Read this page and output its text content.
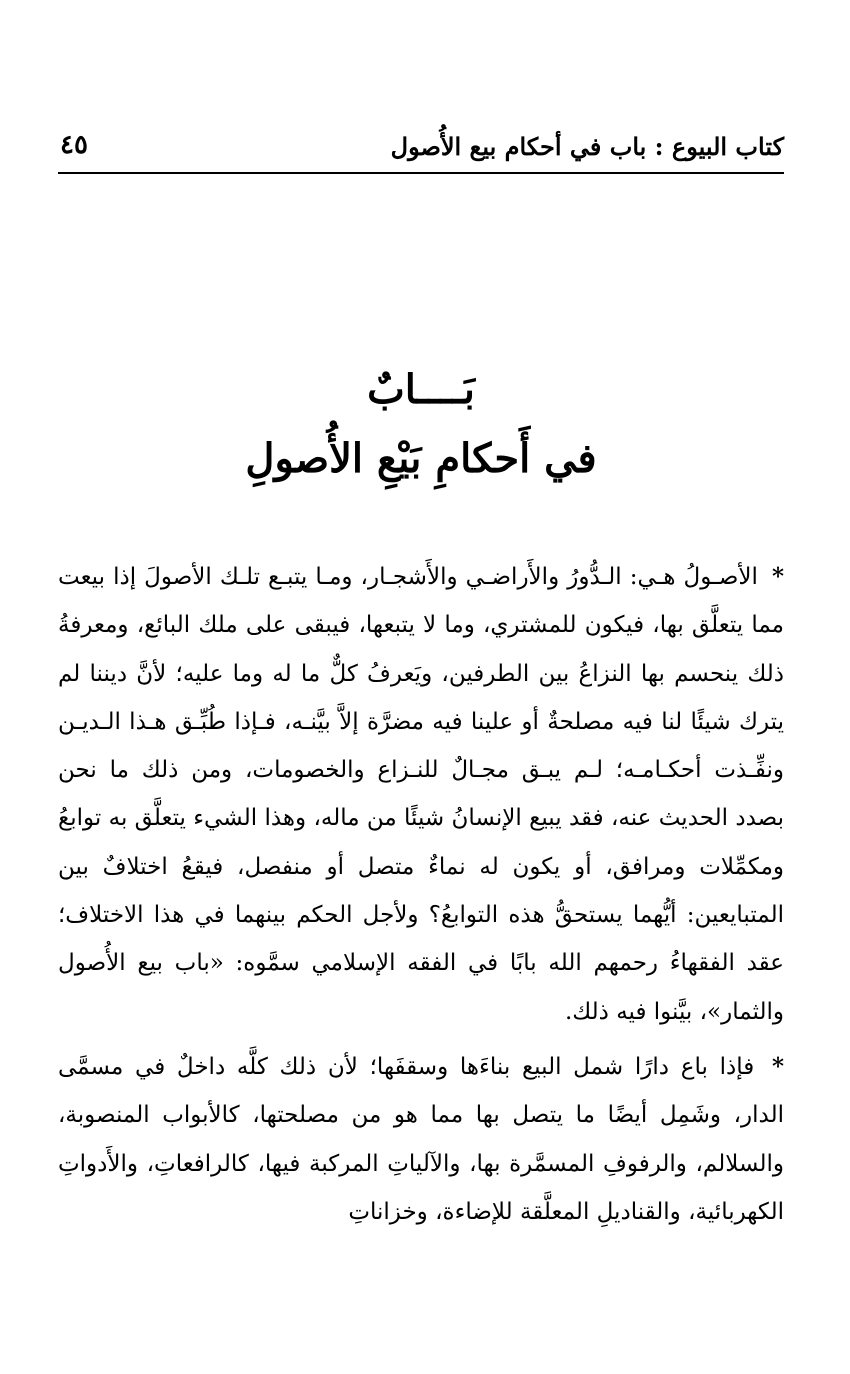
كتاب البيوع : باب في أحكام بيع الأُصول
٤٥
بَــــابٌ
في أَحكامِ بَيْعِ الأُصولِ

* الأصـولُ هـي: الـدُّورُ والأَراضـي والأَشجـار، ومـا يتبـع تلـك الأصولَ إذا بيعت مما يتعلَّق بها، فيكون للمشتري، وما لا يتبعها، فيبقى على ملك البائع، ومعرفةُ ذلك ينحسم بها النزاعُ بين الطرفين، ويَعرفُ كلٌّ ما له وما عليه؛ لأنَّ ديننا لم يترك شيئًا لنا فيه مصلحةٌ أو علينا فيه مضرَّة إلاَّ بيَّنـه، فـإذا طُبِّـق هـذا الـديـن ونفِّـذت أحكـامـه؛ لـم يبـق مجـالٌ للنـزاع والخصومات، ومن ذلك ما نحن بصدد الحديث عنه، فقد يبيع الإنسانُ شيئًا من ماله، وهذا الشيء يتعلَّق به توابعُ ومكمِّلات ومرافق، أو يكون له نماءٌ متصل أو منفصل، فيقعُ اختلافٌ بين المتبايعين: أيُّهما يستحقُّ هذه التوابعُ؟ ولأجل الحكم بينهما في هذا الاختلاف؛ عقد الفقهاءُ رحمهم الله بابًا في الفقه الإسلامي سمَّوه: «باب بيع الأُصول والثمار»، بيَّنوا فيه ذلك.

* فإذا باع دارًا شمل البيع بناءَها وسقفَها؛ لأن ذلك كلَّه داخلٌ في مسمَّى الدار، وشَمِل أيضًا ما يتصل بها مما هو من مصلحتها، كالأبواب المنصوبة، والسلالم، والرفوفِ المسمَّرة بها، والآلياتِ المركبة فيها، كالرافعاتِ، والأَدواتِ الكهربائية، والقناديلِ المعلَّقة للإضاءة، وخزاناتِ
